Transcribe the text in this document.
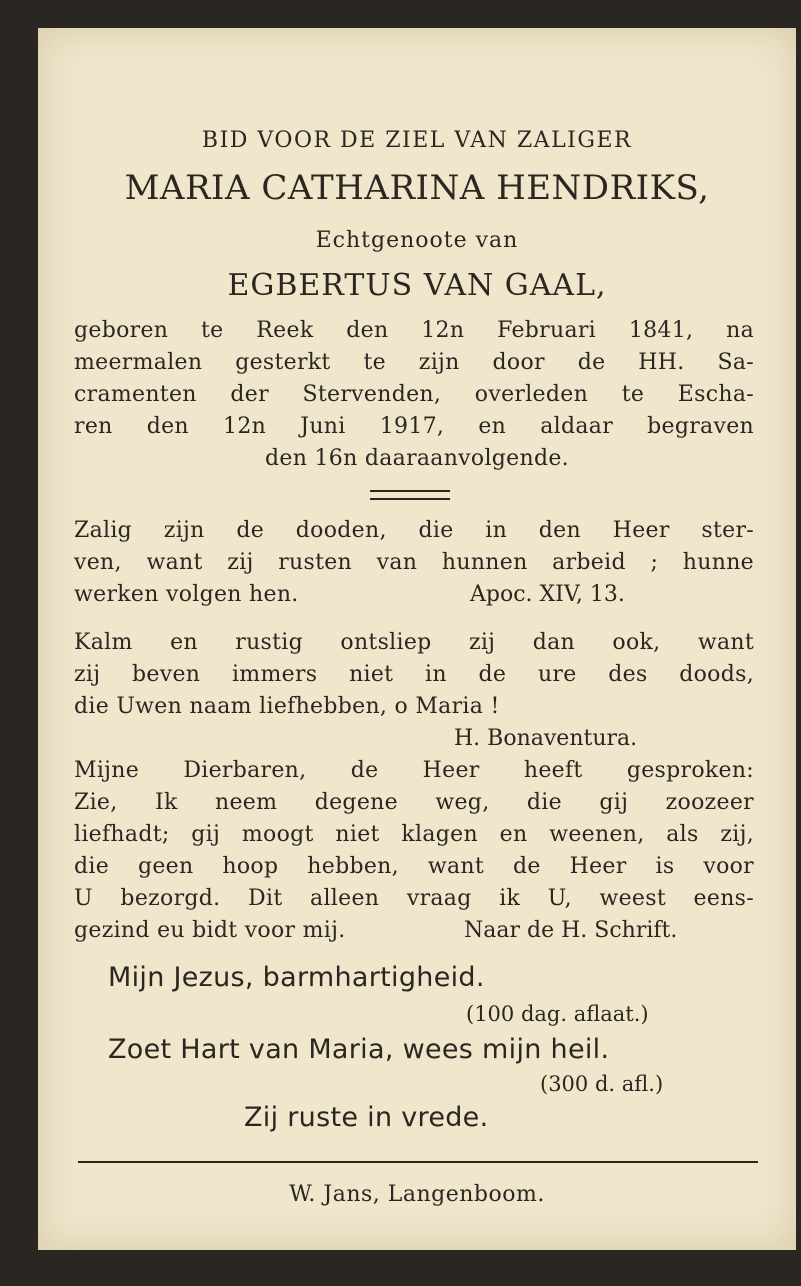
BID VOOR DE ZIEL VAN ZALIGER
MARIA CATHARINA HENDRIKS,
Echtgenoote van
EGBERTUS VAN GAAL,
geboren te Reek den 12n Februari 1841, na
meermalen gesterkt te zijn door de HH. Sa-
cramenten der Stervenden, overleden te Escha-
ren den 12n Juni 1917, en aldaar begraven
den 16n daaraanvolgende.
Zalig zijn de dooden, die in den Heer ster-
ven, want zij rusten van hunnen arbeid ; hunne
werken volgen hen.	Apoc. XIV, 13.
Kalm en rustig ontsliep zij dan ook, want
zij beven immers niet in de ure des doods,
die Uwen naam liefhebben, o Maria !
H. Bonaventura.
Mijne Dierbaren, de Heer heeft gesproken:
Zie, Ik neem degene weg, die gij zoozeer
liefhadt; gij moogt niet klagen en weenen, als zij,
die geen hoop hebben, want de Heer is voor
U bezorgd. Dit alleen vraag ik U, weest eens-
gezind eu bidt voor mij.	Naar de H. Schrift.
Mijn Jezus, barmhartigheid.
(100 dag. aflaat.)
Zoet Hart van Maria, wees mijn heil.
(300 d. afl.)
Zij ruste in vrede.
W. Jans, Langenboom.
